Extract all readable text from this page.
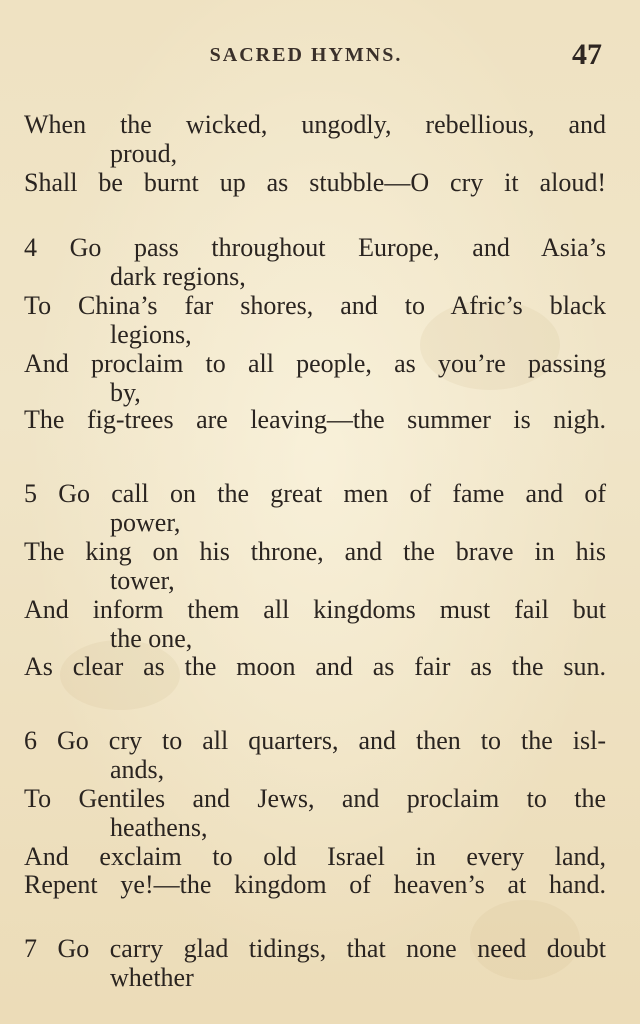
SACRED HYMNS.	47
When the wicked, ungodly, rebellious, and
proud,
Shall be burnt up as stubble—O cry it aloud!
4 Go pass throughout Europe, and Asia’s
dark regions,
To China’s far shores, and to Afric’s black
legions,
And proclaim to all people, as you’re passing
by,
The fig-trees are leaving—the summer is nigh.
5 Go call on the great men of fame and of
power,
The king on his throne, and the brave in his
tower,
And inform them all kingdoms must fail but
the one,
As clear as the moon and as fair as the sun.
6 Go cry to all quarters, and then to the isl-
ands,
To Gentiles and Jews, and proclaim to the
heathens,
And exclaim to old Israel in every land,
Repent ye!—the kingdom of heaven’s at hand.
7 Go carry glad tidings, that none need doubt
whether
